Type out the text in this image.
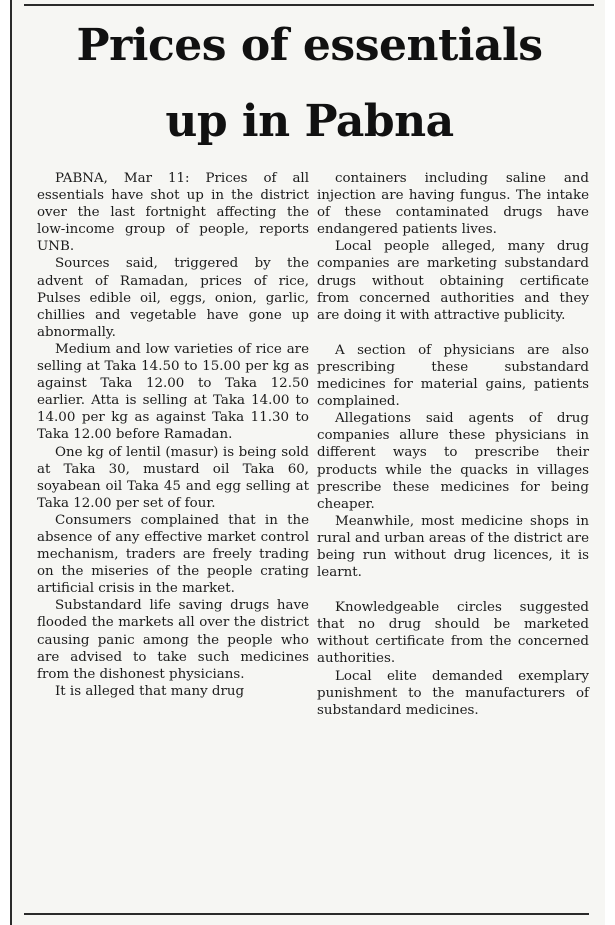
Prices of essentials
up in Pabna

PABNA, Mar 11: Prices of all essentials have shot up in the district over the last fortnight affecting the low-income group of people, reports UNB.

Sources said, triggered by the advent of Ramadan, prices of rice, Pulses edible oil, eggs, onion, garlic, chillies and vegetable have gone up abnormally.

Medium and low varieties of rice are selling at Taka 14.50 to 15.00 per kg as against Taka 12.00 to Taka 12.50 earlier. Atta is selling at Taka 14.00 to 14.00 per kg as against Taka 11.30 to Taka 12.00 before Ramadan.

One kg of lentil (masur) is being sold at Taka 30, mustard oil Taka 60, soyabean oil Taka 45 and egg selling at Taka 12.00 per set of four.

Consumers complained that in the absence of any effective market control mechanism, traders are freely trading on the miseries of the people crating artificial crisis in the market.

Substandard life saving drugs have flooded the markets all over the district causing panic among the people who are advised to take such medicines from the dishonest physicians.

It is alleged that many drug

containers including saline and injection are having fungus. The intake of these contaminated drugs have endangered patients lives.

Local people alleged, many drug companies are marketing substandard drugs without obtaining certificate from concerned authorities and they are doing it with attractive publicity.

A section of physicians are also prescribing these substandard medicines for material gains, patients complained.

Allegations said agents of drug companies allure these physicians in different ways to prescribe their products while the quacks in villages prescribe these medicines for being cheaper.

Meanwhile, most medicine shops in rural and urban areas of the district are being run without drug licences, it is learnt.

Knowledgeable circles suggested that no drug should be marketed without certificate from the concerned authorities.

Local elite demanded exemplary punishment to the manufacturers of substandard medicines.
